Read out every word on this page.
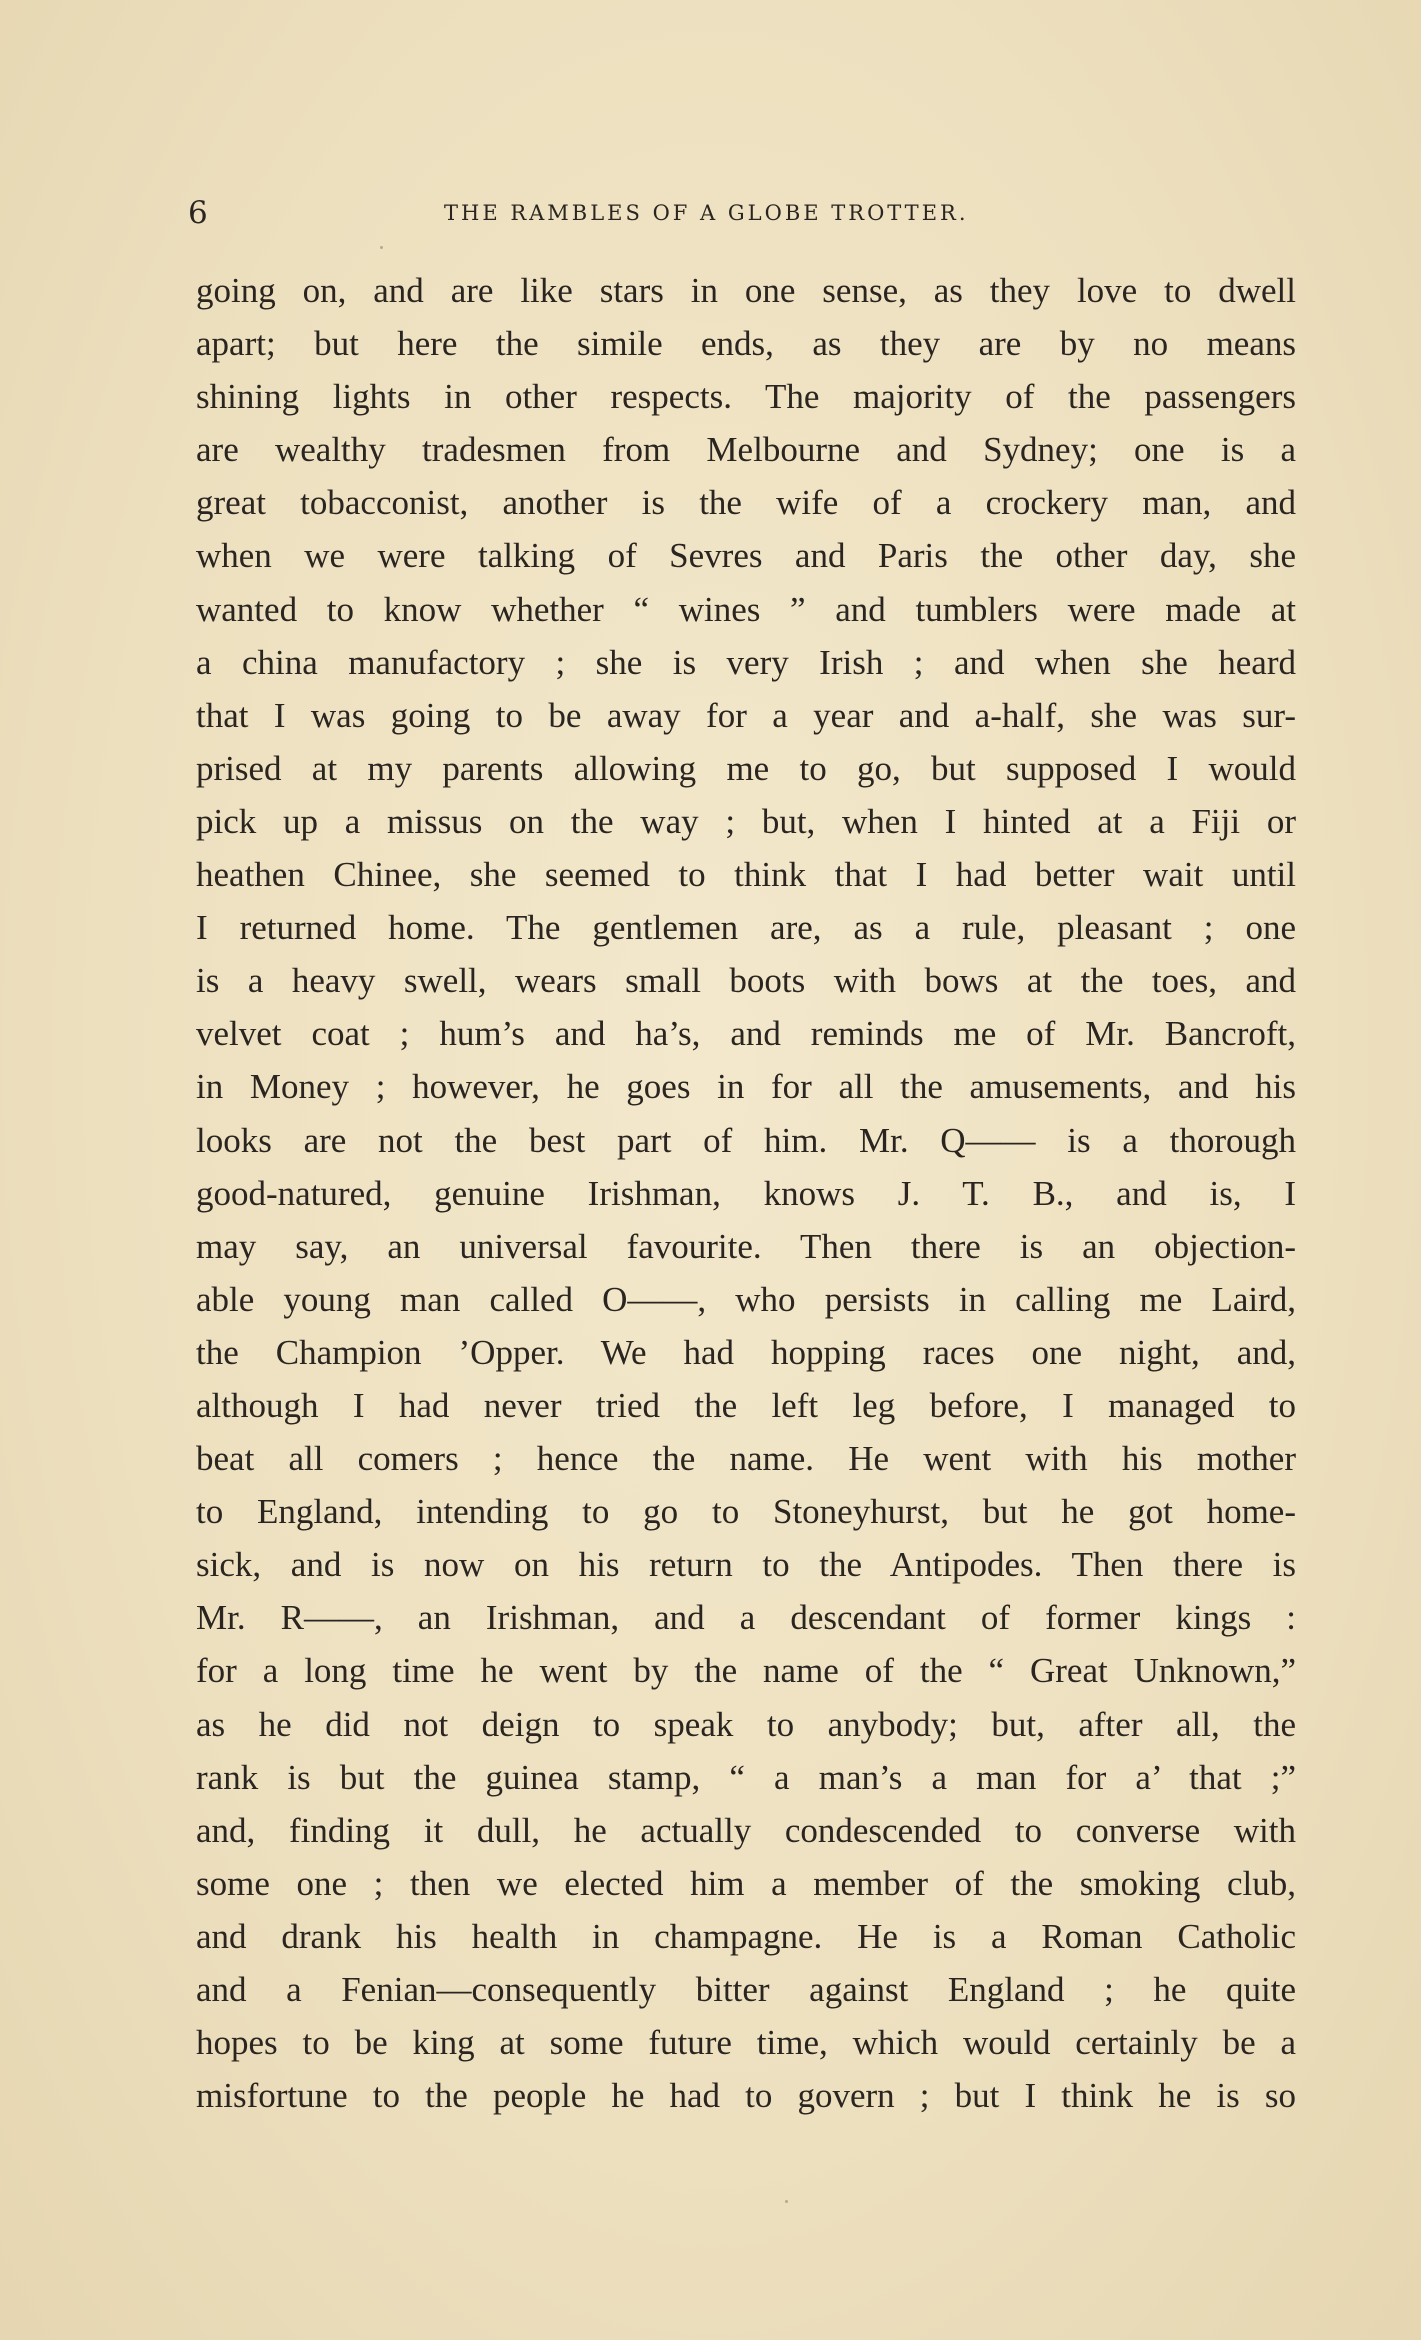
6	THE RAMBLES OF A GLOBE TROTTER.
going on, and are like stars in one sense, as they love to dwell
apart; but here the simile ends, as they are by no means
shining lights in other respects. The majority of the passengers
are wealthy tradesmen from Melbourne and Sydney; one is a
great tobacconist, another is the wife of a crockery man, and
when we were talking of Sevres and Paris the other day, she
wanted to know whether “ wines ” and tumblers were made at
a china manufactory ; she is very Irish ; and when she heard
that I was going to be away for a year and a-half, she was sur-
prised at my parents allowing me to go, but supposed I would
pick up a missus on the way ; but, when I hinted at a Fiji or
heathen Chinee, she seemed to think that I had better wait until
I returned home. The gentlemen are, as a rule, pleasant ; one
is a heavy swell, wears small boots with bows at the toes, and
velvet coat ; hum’s and ha’s, and reminds me of Mr. Bancroft,
in Money ; however, he goes in for all the amusements, and his
looks are not the best part of him. Mr. Q—— is a thorough
good-natured, genuine Irishman, knows J. T. B., and is, I
may say, an universal favourite. Then there is an objection-
able young man called O——, who persists in calling me Laird,
the Champion ’Opper. We had hopping races one night, and,
although I had never tried the left leg before, I managed to
beat all comers ; hence the name. He went with his mother
to England, intending to go to Stoneyhurst, but he got home-
sick, and is now on his return to the Antipodes. Then there is
Mr. R——, an Irishman, and a descendant of former kings :
for a long time he went by the name of the “ Great Unknown,”
as he did not deign to speak to anybody; but, after all, the
rank is but the guinea stamp, “ a man’s a man for a’ that ;”
and, finding it dull, he actually condescended to converse with
some one ; then we elected him a member of the smoking club,
and drank his health in champagne. He is a Roman Catholic
and a Fenian—consequently bitter against England ; he quite
hopes to be king at some future time, which would certainly be a
misfortune to the people he had to govern ; but I think he is so
